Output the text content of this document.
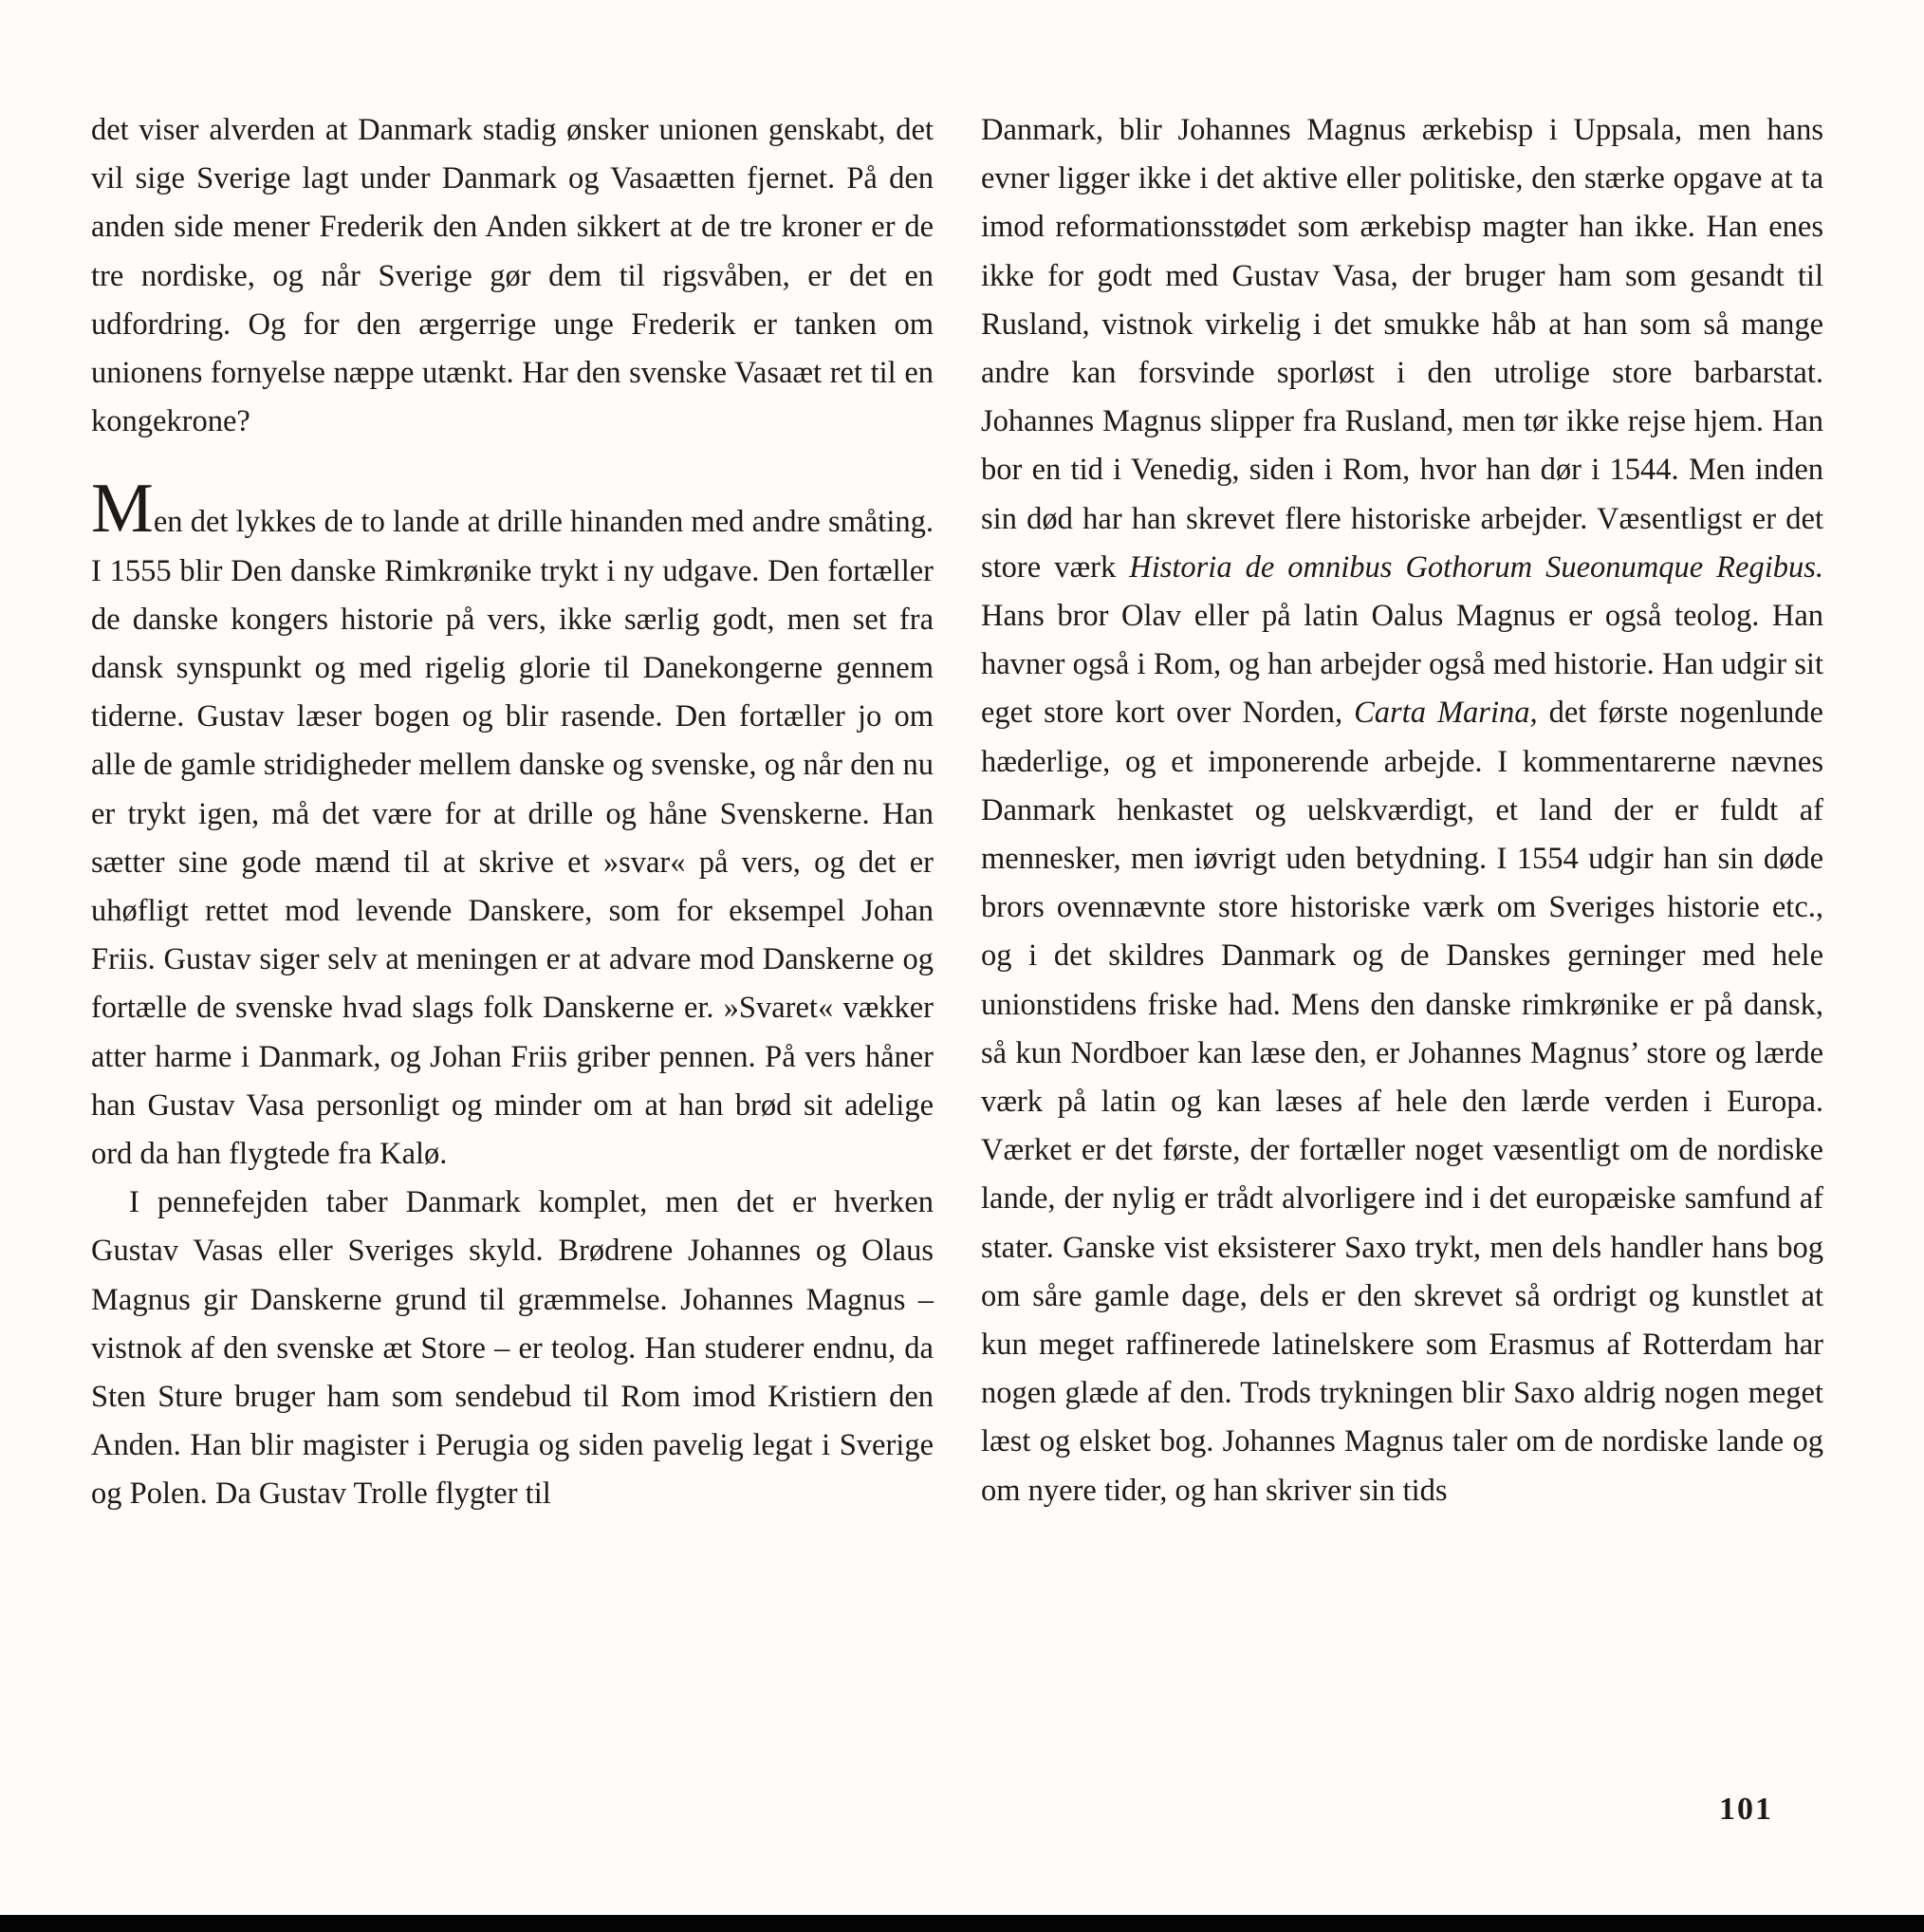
det viser alverden at Danmark stadig ønsker unionen genskabt, det vil sige Sverige lagt under Danmark og Vasaætten fjernet. På den anden side mener Frederik den Anden sikkert at de tre kroner er de tre nordiske, og når Sverige gør dem til rigsvåben, er det en udfordring. Og for den ærgerrige unge Frederik er tanken om unionens fornyelse næppe utænkt. Har den svenske Vasaæt ret til en kongekrone?

Men det lykkes de to lande at drille hinanden med andre småting. I 1555 blir Den danske Rimkrønike trykt i ny udgave. Den fortæller de danske kongers historie på vers, ikke særlig godt, men set fra dansk synspunkt og med rigelig glorie til Danekongerne gennem tiderne. Gustav læser bogen og blir rasende. Den fortæller jo om alle de gamle stridigheder mellem danske og svenske, og når den nu er trykt igen, må det være for at drille og håne Svenskerne. Han sætter sine gode mænd til at skrive et »svar« på vers, og det er uhøfligt rettet mod levende Danskere, som for eksempel Johan Friis. Gustav siger selv at meningen er at advare mod Danskerne og fortælle de svenske hvad slags folk Danskerne er. »Svaret« vækker atter harme i Danmark, og Johan Friis griber pennen. På vers håner han Gustav Vasa personligt og minder om at han brød sit adelige ord da han flygtede fra Kalø.

I pennefejden taber Danmark komplet, men det er hverken Gustav Vasas eller Sveriges skyld. Brødrene Johannes og Olaus Magnus gir Danskerne grund til græmmelse. Johannes Magnus – vistnok af den svenske æt Store – er teolog. Han studerer endnu, da Sten Sture bruger ham som sendebud til Rom imod Kristiern den Anden. Han blir magister i Perugia og siden pavelig legat i Sverige og Polen. Da Gustav Trolle flygter til

Danmark, blir Johannes Magnus ærkebisp i Uppsala, men hans evner ligger ikke i det aktive eller politiske, den stærke opgave at ta imod reformationsstødet som ærkebisp magter han ikke. Han enes ikke for godt med Gustav Vasa, der bruger ham som gesandt til Rusland, vistnok virkelig i det smukke håb at han som så mange andre kan forsvinde sporløst i den utrolige store barbarstat. Johannes Magnus slipper fra Rusland, men tør ikke rejse hjem. Han bor en tid i Venedig, siden i Rom, hvor han dør i 1544. Men inden sin død har han skrevet flere historiske arbejder. Væsentligst er det store værk Historia de omnibus Gothorum Sueonumque Regibus. Hans bror Olav eller på latin Oalus Magnus er også teolog. Han havner også i Rom, og han arbejder også med historie. Han udgir sit eget store kort over Norden, Carta Marina, det første nogenlunde hæderlige, og et imponerende arbejde. I kommentarerne nævnes Danmark henkastet og uelskværdigt, et land der er fuldt af mennesker, men iøvrigt uden betydning. I 1554 udgir han sin døde brors ovennævnte store historiske værk om Sveriges historie etc., og i det skildres Danmark og de Danskes gerninger med hele unionstidens friske had. Mens den danske rimkrønike er på dansk, så kun Nordboer kan læse den, er Johannes Magnus’ store og lærde værk på latin og kan læses af hele den lærde verden i Europa. Værket er det første, der fortæller noget væsentligt om de nordiske lande, der nylig er trådt alvorligere ind i det europæiske samfund af stater. Ganske vist eksisterer Saxo trykt, men dels handler hans bog om såre gamle dage, dels er den skrevet så ordrigt og kunstlet at kun meget raffinerede latinelskere som Erasmus af Rotterdam har nogen glæde af den. Trods trykningen blir Saxo aldrig nogen meget læst og elsket bog. Johannes Magnus taler om de nordiske lande og om nyere tider, og han skriver sin tids

101
